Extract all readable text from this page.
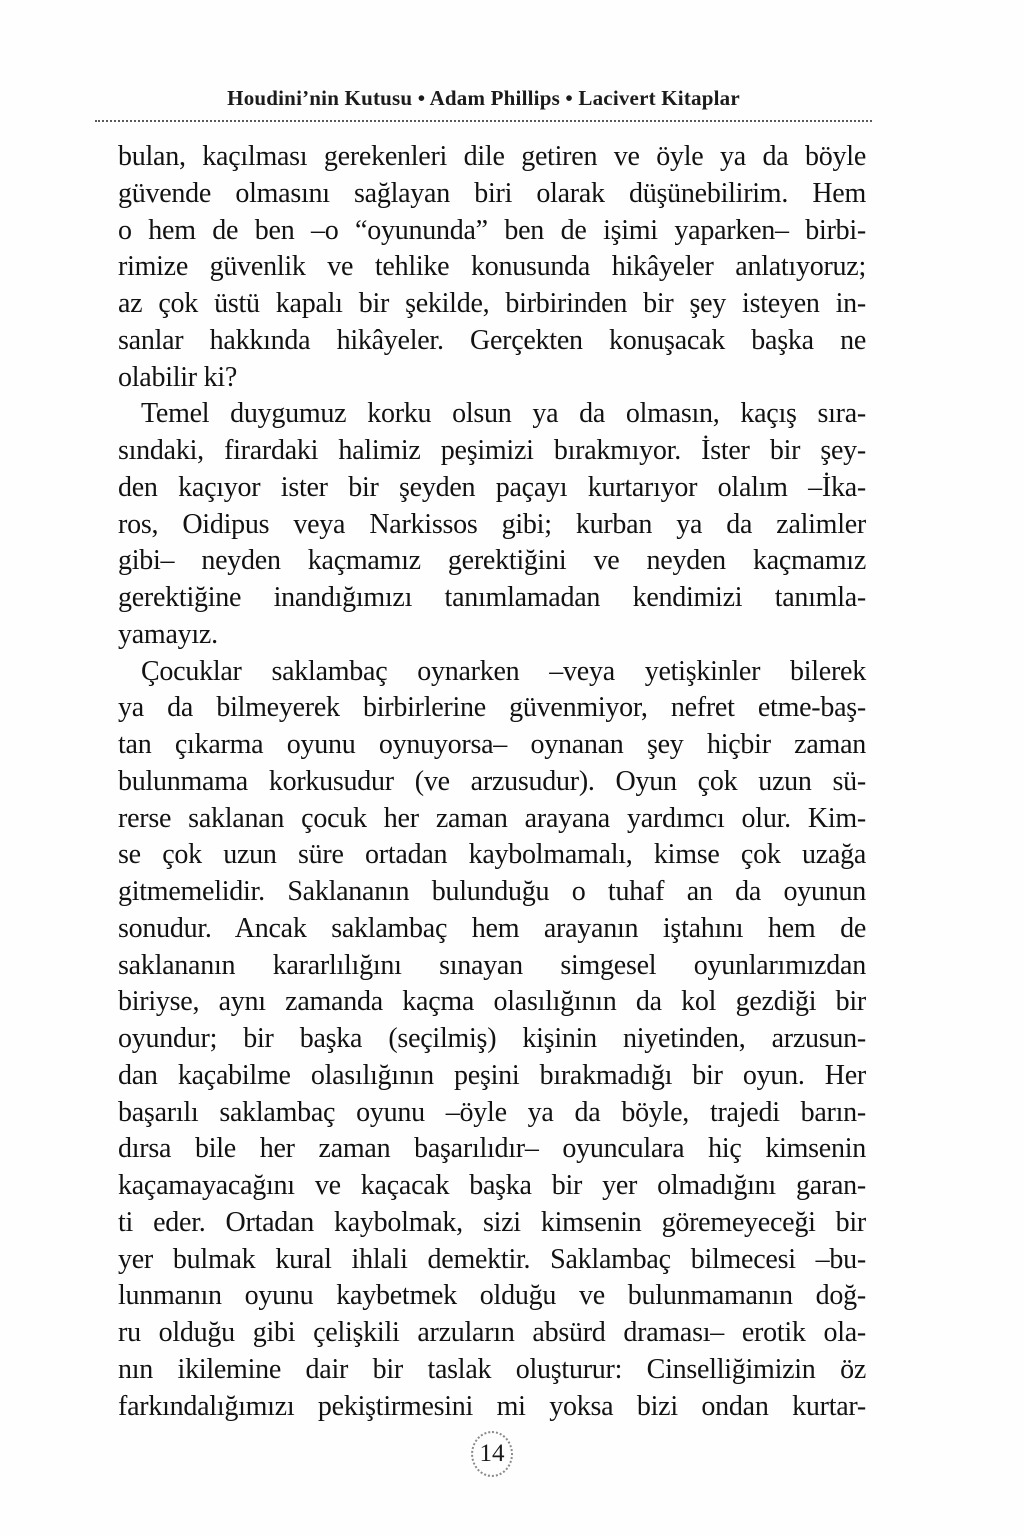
Houdini’nin Kutusu • Adam Phillips • Lacivert Kitaplar
bulan, kaçılması gerekenleri dile getiren ve öyle ya da böyle
güvende olmasını sağlayan biri olarak düşünebilirim. Hem
o hem de ben –o “oyununda” ben de işimi yaparken– birbi-
rimize güvenlik ve tehlike konusunda hikâyeler anlatıyoruz;
az çok üstü kapalı bir şekilde, birbirinden bir şey isteyen in-
sanlar hakkında hikâyeler. Gerçekten konuşacak başka ne
olabilir ki?
Temel duygumuz korku olsun ya da olmasın, kaçış sıra-
sındaki, firardaki halimiz peşimizi bırakmıyor. İster bir şey-
den kaçıyor ister bir şeyden paçayı kurtarıyor olalım –İka-
ros, Oidipus veya Narkissos gibi; kurban ya da zalimler
gibi– neyden kaçmamız gerektiğini ve neyden kaçmamız
gerektiğine inandığımızı tanımlamadan kendimizi tanımla-
yamayız.
Çocuklar saklambaç oynarken –veya yetişkinler bilerek
ya da bilmeyerek birbirlerine güvenmiyor, nefret etme-baş-
tan çıkarma oyunu oynuyorsa– oynanan şey hiçbir zaman
bulunmama korkusudur (ve arzusudur). Oyun çok uzun sü-
rerse saklanan çocuk her zaman arayana yardımcı olur. Kim-
se çok uzun süre ortadan kaybolmamalı, kimse çok uzağa
gitmemelidir. Saklananın bulunduğu o tuhaf an da oyunun
sonudur. Ancak saklambaç hem arayanın iştahını hem de
saklananın kararlılığını sınayan simgesel oyunlarımızdan
biriyse, aynı zamanda kaçma olasılığının da kol gezdiği bir
oyundur; bir başka (seçilmiş) kişinin niyetinden, arzusun-
dan kaçabilme olasılığının peşini bırakmadığı bir oyun. Her
başarılı saklambaç oyunu –öyle ya da böyle, trajedi barın-
dırsa bile her zaman başarılıdır– oyunculara hiç kimsenin
kaçamayacağını ve kaçacak başka bir yer olmadığını garan-
ti eder. Ortadan kaybolmak, sizi kimsenin göremeyeceği bir
yer bulmak kural ihlali demektir. Saklambaç bilmecesi –bu-
lunmanın oyunu kaybetmek olduğu ve bulunmamanın doğ-
ru olduğu gibi çelişkili arzuların absürd draması– erotik ola-
nın ikilemine dair bir taslak oluşturur: Cinselliğimizin öz
farkındalığımızı pekiştirmesini mi yoksa bizi ondan kurtar-
14
